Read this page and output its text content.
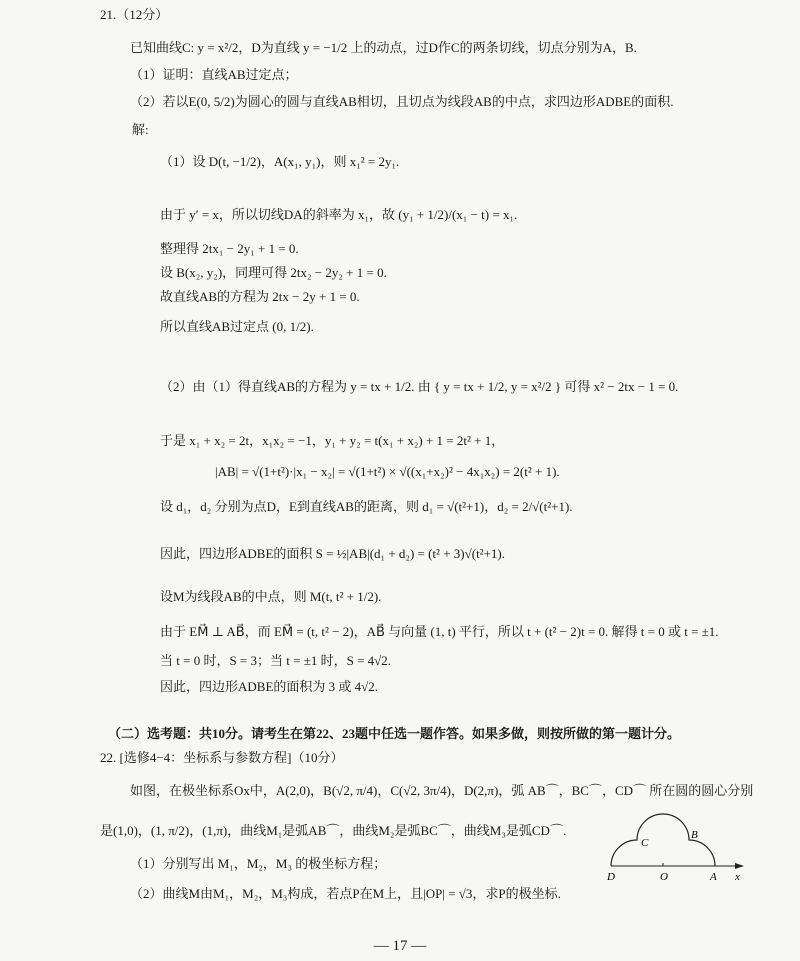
21.（12分）
已知曲线C: y = x²/2，D为直线 y = −1/2 上的动点，过D作C的两条切线，切点分别为A，B.
（1）证明：直线AB过定点；
（2）若以E(0, 5/2)为圆心的圆与直线AB相切，且切点为线段AB的中点，求四边形ADBE的面积.
解:
（1）设 D(t, −1/2)，A(x₁, y₁)，则 x₁² = 2y₁.
由于 y′ = x，所以切线DA的斜率为 x₁，故 (y₁ + 1/2)/(x₁ − t) = x₁.
整理得 2tx₁ − 2y₁ + 1 = 0.
设 B(x₂, y₂)，同理可得 2tx₂ − 2y₂ + 1 = 0.
故直线AB的方程为 2tx − 2y + 1 = 0.
所以直线AB过定点 (0, 1/2).
（2）由（1）得直线AB的方程为 y = tx + 1/2. 由 { y = tx + 1/2, y = x²/2 } 可得 x² − 2tx − 1 = 0.
于是 x₁ + x₂ = 2t，x₁x₂ = −1，y₁ + y₂ = t(x₁ + x₂) + 1 = 2t² + 1，
|AB| = √(1+t²)·|x₁ − x₂| = √(1+t²) × √((x₁+x₂)² − 4x₁x₂) = 2(t² + 1).
设 d₁，d₂ 分别为点D，E到直线AB的距离，则 d₁ = √(t²+1)，d₂ = 2/√(t²+1).
因此，四边形ADBE的面积 S = ½|AB|(d₁ + d₂) = (t² + 3)√(t²+1).
设M为线段AB的中点，则 M(t, t² + 1/2).
由于 EM⃗ ⊥ AB⃗，而 EM⃗ = (t, t² − 2)，AB⃗ 与向量 (1, t) 平行，所以 t + (t² − 2)t = 0. 解得 t = 0 或 t = ±1.
当 t = 0 时，S = 3；当 t = ±1 时，S = 4√2.
因此，四边形ADBE的面积为 3 或 4√2.
（二）选考题：共10分。请考生在第22、23题中任选一题作答。如果多做，则按所做的第一题计分。
22. [选修4−4：坐标系与参数方程]（10分）
如图，在极坐标系Ox中，A(2,0)，B(√2, π/4)，C(√2, 3π/4)，D(2,π)，弧 AB⌒，BC⌒，CD⌒ 所在圆的圆心分别
是(1,0)，(1, π/2)，(1,π)，曲线M₁是弧AB⌒，曲线M₂是弧BC⌒，曲线M₃是弧CD⌒.
（1）分别写出 M₁，M₂，M₃ 的极坐标方程；
（2）曲线M由M₁，M₂，M₃构成，若点P在M上，且|OP| = √3，求P的极坐标.
C
B
D	O	A x
— 17 —
